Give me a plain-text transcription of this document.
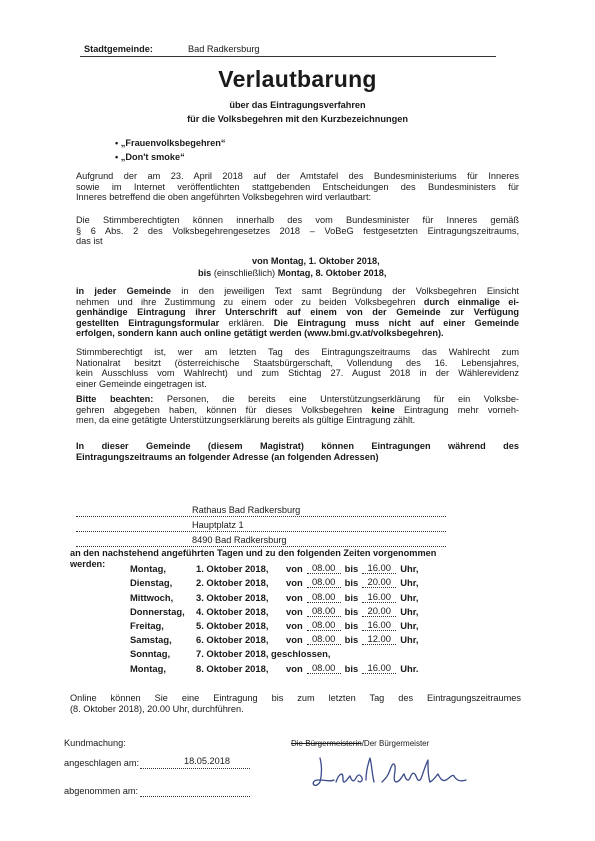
Stadtgemeinde:	Bad Radkersburg
Verlautbarung
über das Eintragungsverfahren
für die Volksbegehren mit den Kurzbezeichnungen
• „Frauenvolksbegehren“
• „Don't smoke“
Aufgrund der am 23. April 2018 auf der Amtstafel des Bundesministeriums für Inneres
sowie im Internet veröffentlichten stattgebenden Entscheidungen des Bundesministers für
Inneres betreffend die oben angeführten Volksbegehren wird verlautbart:
Die Stimmberechtigten können innerhalb des vom Bundesminister für Inneres gemäß
§ 6 Abs. 2 des Volksbegehrengesetzes 2018 – VoBeG festgesetzten Eintragungszeitraums,
das ist
von Montag, 1. Oktober 2018,
bis (einschließlich) Montag, 8. Oktober 2018,
in jeder Gemeinde in den jeweiligen Text samt Begründung der Volksbegehren Einsicht
nehmen und ihre Zustimmung zu einem oder zu beiden Volksbegehren durch einmalige ei-
genhändige Eintragung ihrer Unterschrift auf einem von der Gemeinde zur Verfügung
gestellten Eintragungsformular erklären. Die Eintragung muss nicht auf einer Gemeinde
erfolgen, sondern kann auch online getätigt werden (www.bmi.gv.at/volksbegehren).
Stimmberechtigt ist, wer am letzten Tag des Eintragungszeitraums das Wahlrecht zum
Nationalrat besitzt (österreichische Staatsbürgerschaft, Vollendung des 16. Lebensjahres,
kein Ausschluss vom Wahlrecht) und zum Stichtag 27. August 2018 in der Wählerevidenz
einer Gemeinde eingetragen ist.
Bitte beachten: Personen, die bereits eine Unterstützungserklärung für ein Volksbe-
gehren abgegeben haben, können für dieses Volksbegehren keine Eintragung mehr vorneh-
men, da eine getätigte Unterstützungserklärung bereits als gültige Eintragung zählt.
In dieser Gemeinde (diesem Magistrat) können Eintragungen während des
Eintragungszeitraums an folgender Adresse (an folgenden Adressen)
Rathaus Bad Radkersburg
Hauptplatz 1
8490 Bad Radkersburg
an den nachstehend angeführten Tagen und zu den folgenden Zeiten vorgenommen
werden:	Montag,	1. Oktober 2018,	von	08.00	bis	16.00	Uhr,
Dienstag,	2. Oktober 2018,	von	08.00	bis	20.00	Uhr,
Mittwoch,	3. Oktober 2018,	von	08.00	bis	16.00	Uhr,
Donnerstag,	4. Oktober 2018,	von	08.00	bis	20.00	Uhr,
Freitag,	5. Oktober 2018,	von	08.00	bis	16.00	Uhr,
Samstag,	6. Oktober 2018,	von	08.00	bis	12.00	Uhr,
Sonntag,	7. Oktober 2018, geschlossen,					
Montag,	8. Oktober 2018,	von	08.00	bis	16.00	Uhr.
Online können Sie eine Eintragung bis zum letzten Tag des Eintragungszeitraumes
(8. Oktober 2018), 20.00 Uhr, durchführen.
Kundmachung:
angeschlagen am:	18.05.2018
abgenommen am:
Die Bürgermeisterin/Der Bürgermeister
